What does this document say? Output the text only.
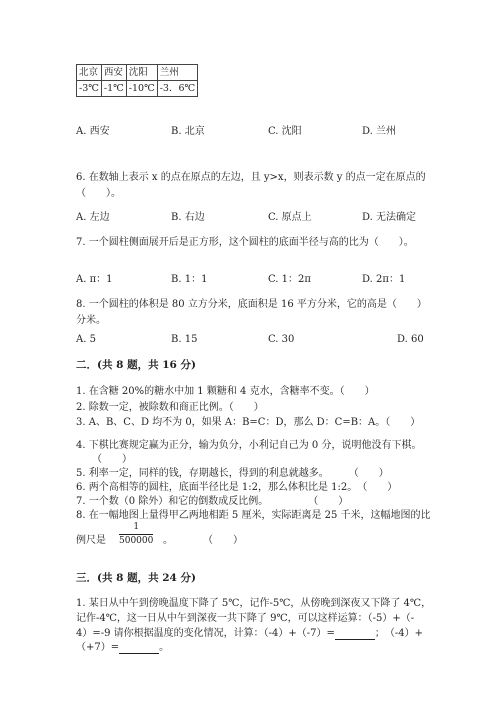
北京	西安	沈阳	兰州
-3℃	-1℃	-10℃	-3．6℃
A. 西安	B. 北京	C. 沈阳	D. 兰州
6. 在数轴上表示 x 的点在原点的左边，且 y>x，则表示数 y 的点一定在原点的
（　　）。
A. 左边	B. 右边	C. 原点上	D. 无法确定
7. 一个圆柱侧面展开后是正方形，这个圆柱的底面半径与高的比为（　　）。
A. π：1	B. 1：1	C. 1：2π	D. 2π：1
8. 一个圆柱的体积是 80 立方分米，底面积是 16 平方分米，它的高是（　　）
分米。
A. 5	B. 15	C. 30	D. 60
二．(共 8 题，共 16 分)
1. 在含糖 20%的糖水中加 1 颗糖和 4 克水，含糖率不变。（　　）
2. 除数一定，被除数和商正比例。（　　）
3. A、B、C、D 均不为 0，如果 A：B=C：D，那么 D：C=B：A。（　　）
4. 下棋比赛规定赢为正分，输为负分，小利记自己为 0 分，说明他没有下棋。
（　　）
5. 利率一定，同样的钱，存期越长，得到的利息就越多。　　　（　　）
6. 两个高相等的圆柱，底面半径比是 1:2，那么体积比是 1:2。　（　　）
7. 一个数（0 除外）和它的倒数成反比例。　　　　　（　　）
8. 在一幅地图上量得甲乙两地相距 5 厘米，实际距离是 25 千米，这幅地图的比
例尺是
1
500000 。　　　　（　　）
三．(共 8 题，共 24 分)
1. 某日从中午到傍晚温度下降了 5℃，记作-5℃，从傍晚到深夜又下降了 4℃，
记作-4℃，这一日从中午到深夜一共下降了 9℃，可以这样运算：（-5）+（-
4）=-9 请你根据温度的变化情况，计算：（-4）+（-7）=	；　（-4）+
（+7）=	。
